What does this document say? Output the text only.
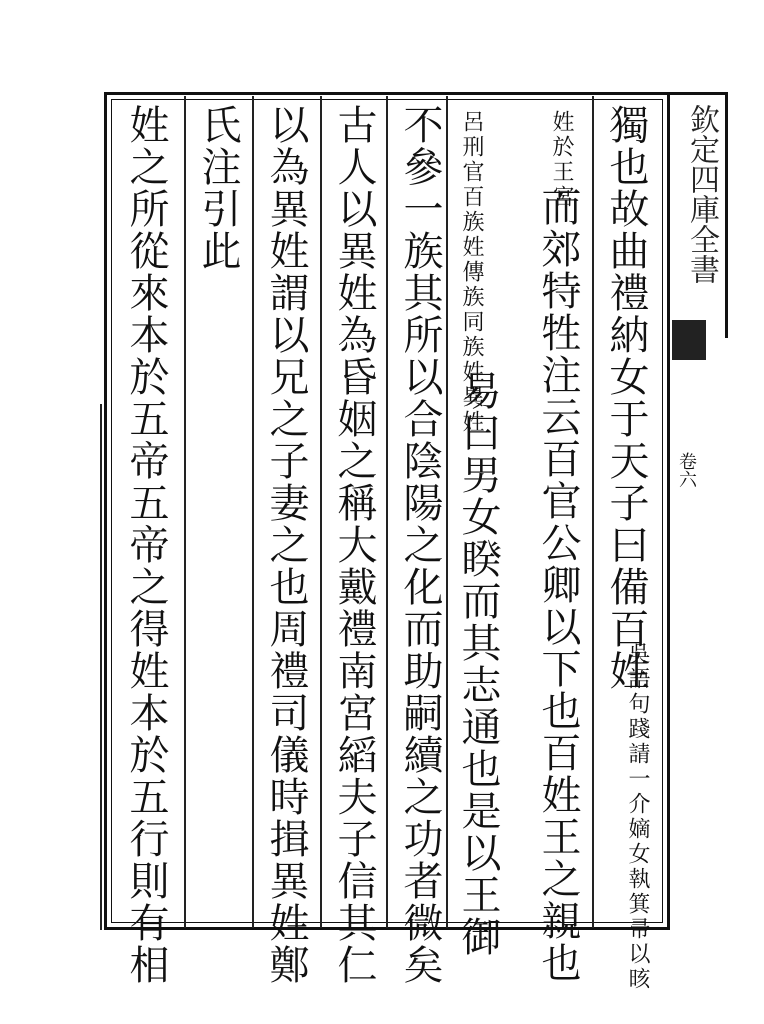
欽定四庫全書
卷六
獨也故曲禮納女于天子曰備百姓
吳語句踐請一介嫡女執箕帚以晐
姓於王宮
而郊特牲注云百官公卿以下也百姓王之親也
呂刑官百族姓傳族同族姓異姓
易曰男女睽而其志通也是以王御
不參一族其所以合陰陽之化而助嗣續之功者微矣
古人以異姓為昏姻之稱大戴禮南宮縚夫子信其仁
以為異姓謂以兄之子妻之也周禮司儀時揖異姓鄭
氏注引此
姓之所從來本於五帝五帝之得姓本於五行則有相
